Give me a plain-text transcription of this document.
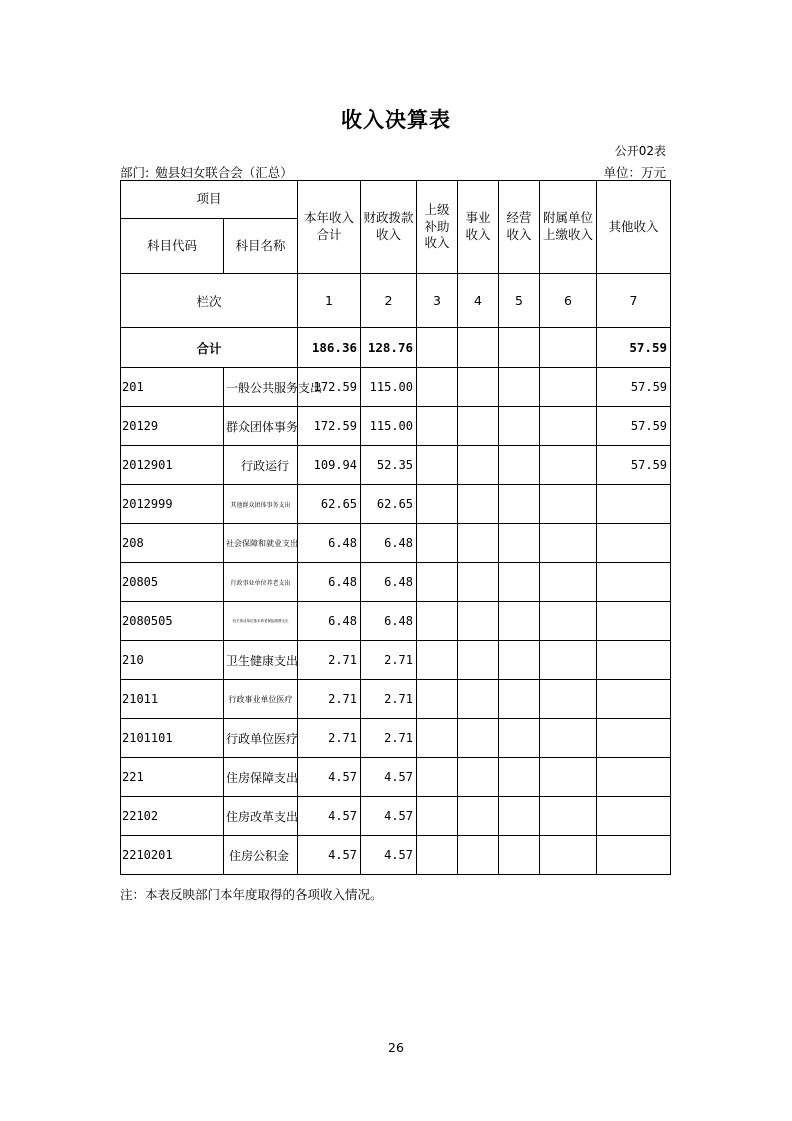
收入决算表
公开02表
部门: 勉县妇女联合会（汇总）	单位：万元
项目		本年收入合计	财政拨款收入	上级补助收入	事业收入	经营收入	附属单位上缴收入	其他收入
科目代码	科目名称							
栏次		1	2	3	4	5	6	7
合计		186.36	128.76					57.59
201	一般公共服务支出	172.59	115.00					57.59
20129	群众团体事务	172.59	115.00					57.59
2012901	行政运行	109.94	52.35					57.59
2012999	其他群众团体事务支出	62.65	62.65					
208	社会保障和就业支出	6.48	6.48					
20805	行政事业单位养老支出	6.48	6.48					
2080505	机关事业单位基本养老保险缴费支出	6.48	6.48					
210	卫生健康支出	2.71	2.71					
21011	行政事业单位医疗	2.71	2.71					
2101101	行政单位医疗	2.71	2.71					
221	住房保障支出	4.57	4.57					
22102	住房改革支出	4.57	4.57					
2210201	住房公积金	4.57	4.57					
注：本表反映部门本年度取得的各项收入情况。
26
